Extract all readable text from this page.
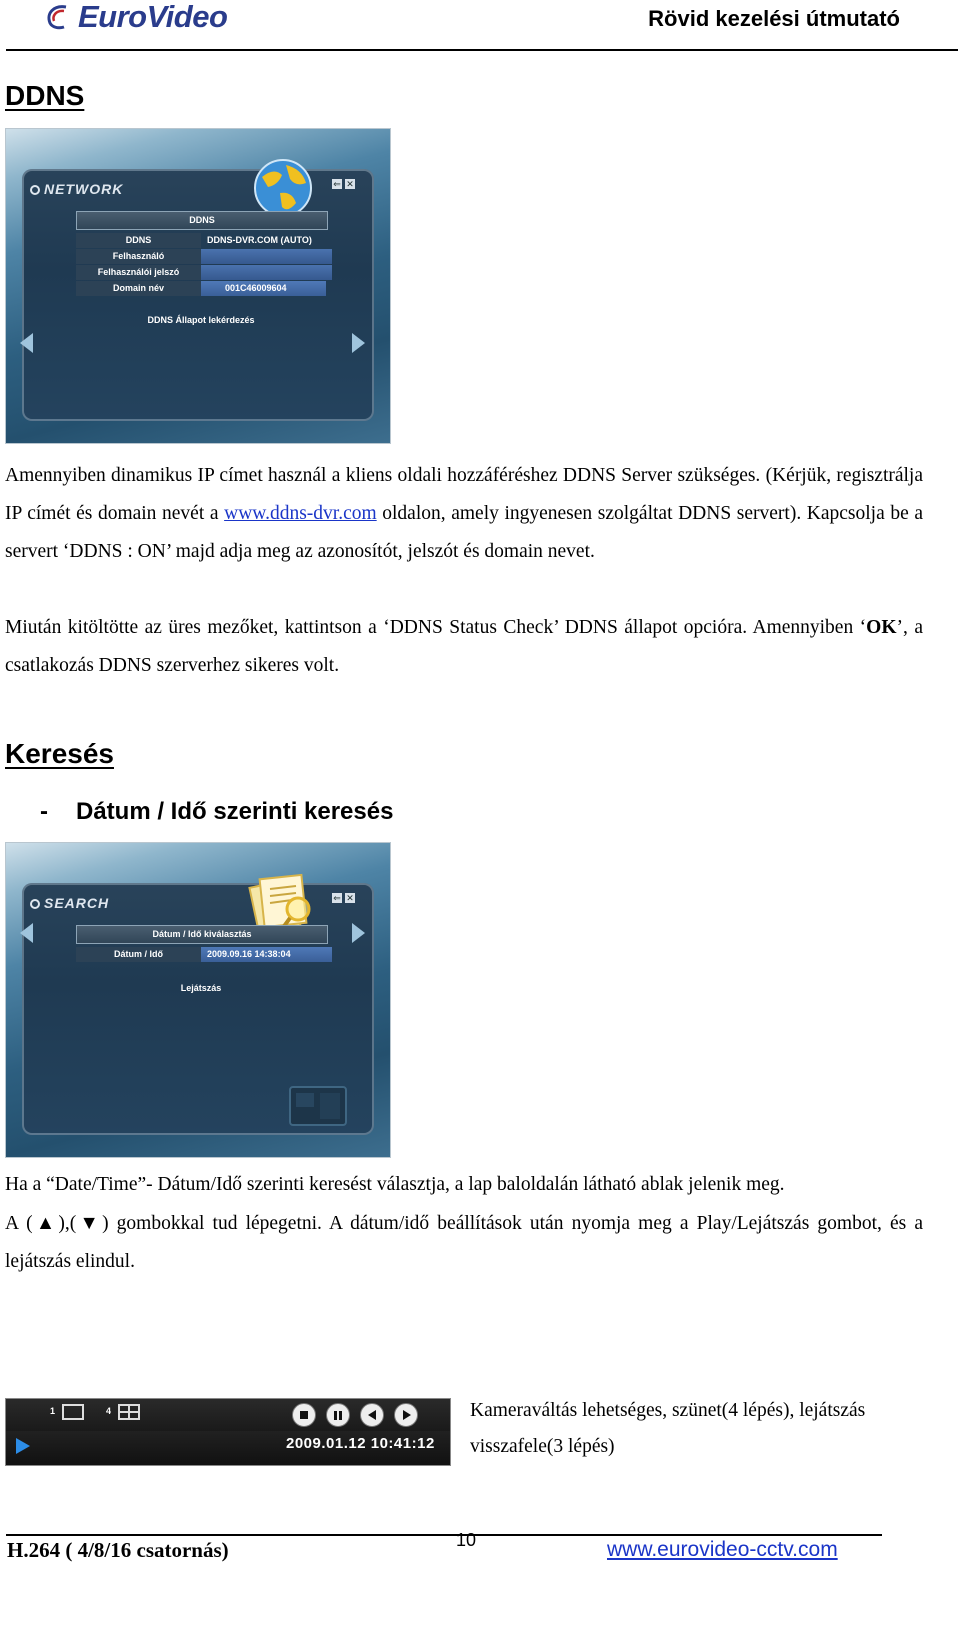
EuroVideo	Rövid kezelési útmutató
DDNS
NETWORK	⇐ ✕
DDNS
DDNS	DDNS-DVR.COM (AUTO)
Felhasználó
Felhasználói jelszó
Domain név	001C46009604
DDNS Állapot lekérdezés

Amennyiben dinamikus IP címet használ a kliens oldali hozzáféréshez DDNS Server szükséges. (Kérjük, regisztrálja IP címét és domain nevét a www.ddns-dvr.com oldalon, amely ingyenesen szolgáltat DDNS servert). Kapcsolja be a servert ‘DDNS : ON’ majd adja meg az azonosítót, jelszót és domain nevet.

Miután kitöltötte az üres mezőket, kattintson a ‘DDNS Status Check’ DDNS állapot opcióra. Amennyiben ‘OK’, a csatlakozás DDNS szerverhez sikeres volt.

Keresés
- Dátum / Idő szerinti keresés
SEARCH	⇐ ✕
Dátum / Idő kiválasztás
Dátum / Idő	2009.09.16 14:38:04
Lejátszás

Ha a “Date/Time”- Dátum/Idő szerinti keresést választja, a lap baloldalán látható ablak jelenik meg.

A (▲),(▼) gombokkal tud lépegetni. A dátum/idő beállítások után nyomja meg a Play/Lejátszás gombot, és a lejátszás elindul.

1	4
2009.01.12 10:41:12

Kameraváltás lehetséges, szünet(4 lépés), lejátszás visszafele(3 lépés)

H.264 ( 4/8/16 csatornás)	10	www.eurovideo-cctv.com
